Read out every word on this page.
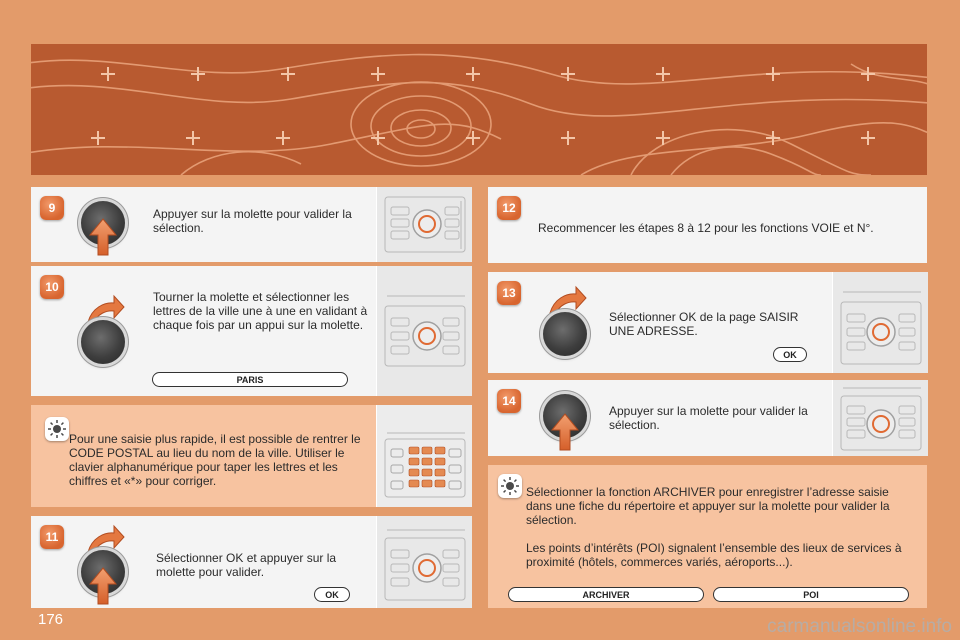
9	Appuyer sur la molette pour valider la sélection.
10
Tourner la molette et sélectionner les lettres de la ville une à une en validant à chaque fois par un appui sur la molette.
PARIS
Pour une saisie plus rapide, il est possible de rentrer le CODE POSTAL au lieu du nom de la ville. Utiliser le clavier alphanumérique pour taper les lettres et les chiffres et «*» pour corriger.
11
Sélectionner OK et appuyer sur la molette pour valider.
OK
12
Recommencer les étapes 8 à 12 pour les fonctions VOIE et N°.
13
Sélectionner OK de la page SAISIR UNE ADRESSE.
OK
14
Appuyer sur la molette pour valider la sélection.
Sélectionner la fonction ARCHIVER pour enregistrer l’adresse saisie dans une fiche du répertoire et appuyer sur la molette pour valider la sélection.
Les points d’intérêts (POI) signalent l’ensemble des lieux de services à proximité (hôtels, commerces variés, aéroports...).
ARCHIVER	POI
176	carmanualsonline.info
